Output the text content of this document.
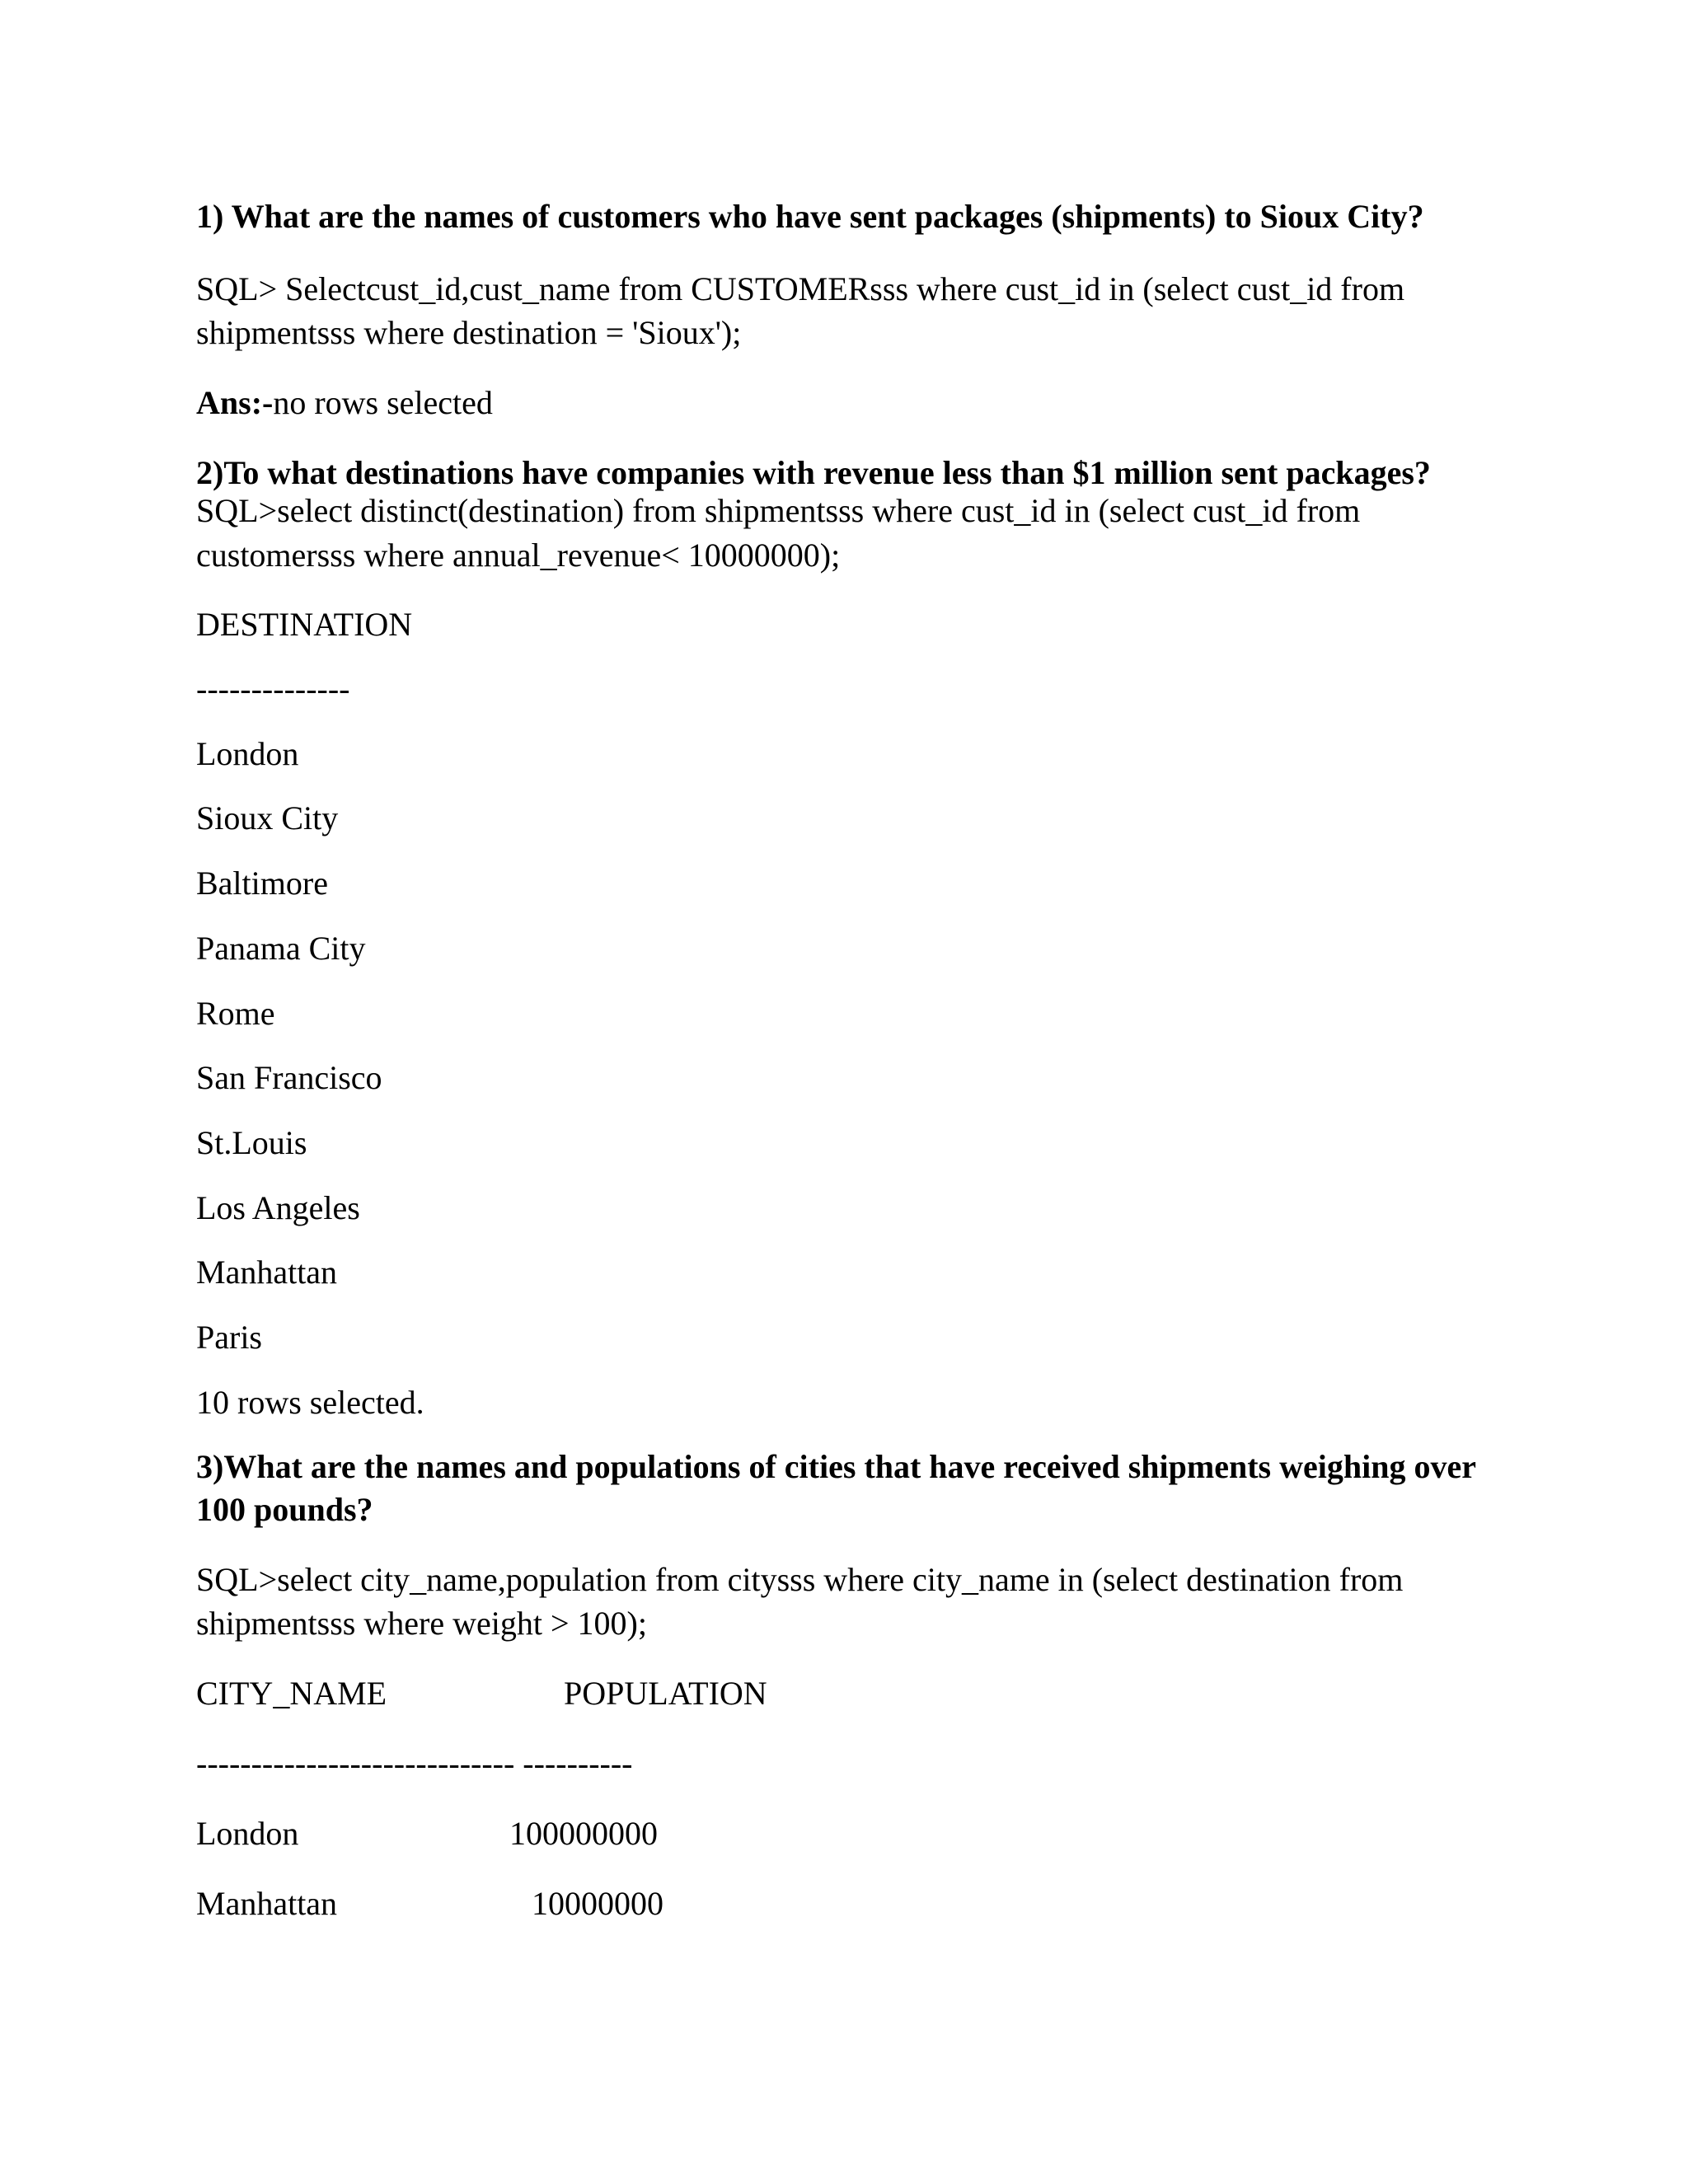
1) What are the names of customers who have sent packages (shipments) to Sioux City?
SQL> Selectcust_id,cust_name from CUSTOMERsss where cust_id in (select cust_id from
shipmentsss where destination = 'Sioux');
Ans:-no rows selected
2)To what destinations have companies with revenue less than $1 million sent packages?
SQL>select distinct(destination) from shipmentsss where cust_id in (select cust_id from
customersss where annual_revenue< 10000000);
DESTINATION
--------------
London
Sioux City
Baltimore
Panama City
Rome
San Francisco
St.Louis
Los Angeles
Manhattan
Paris
10 rows selected.
3)What are the names and populations of cities that have received shipments weighing over
100 pounds?
SQL>select city_name,population from citysss where city_name in (select destination from
shipmentsss where weight > 100);
CITY_NAME	POPULATION
----------------------------- ----------
London	100000000
Manhattan	10000000
